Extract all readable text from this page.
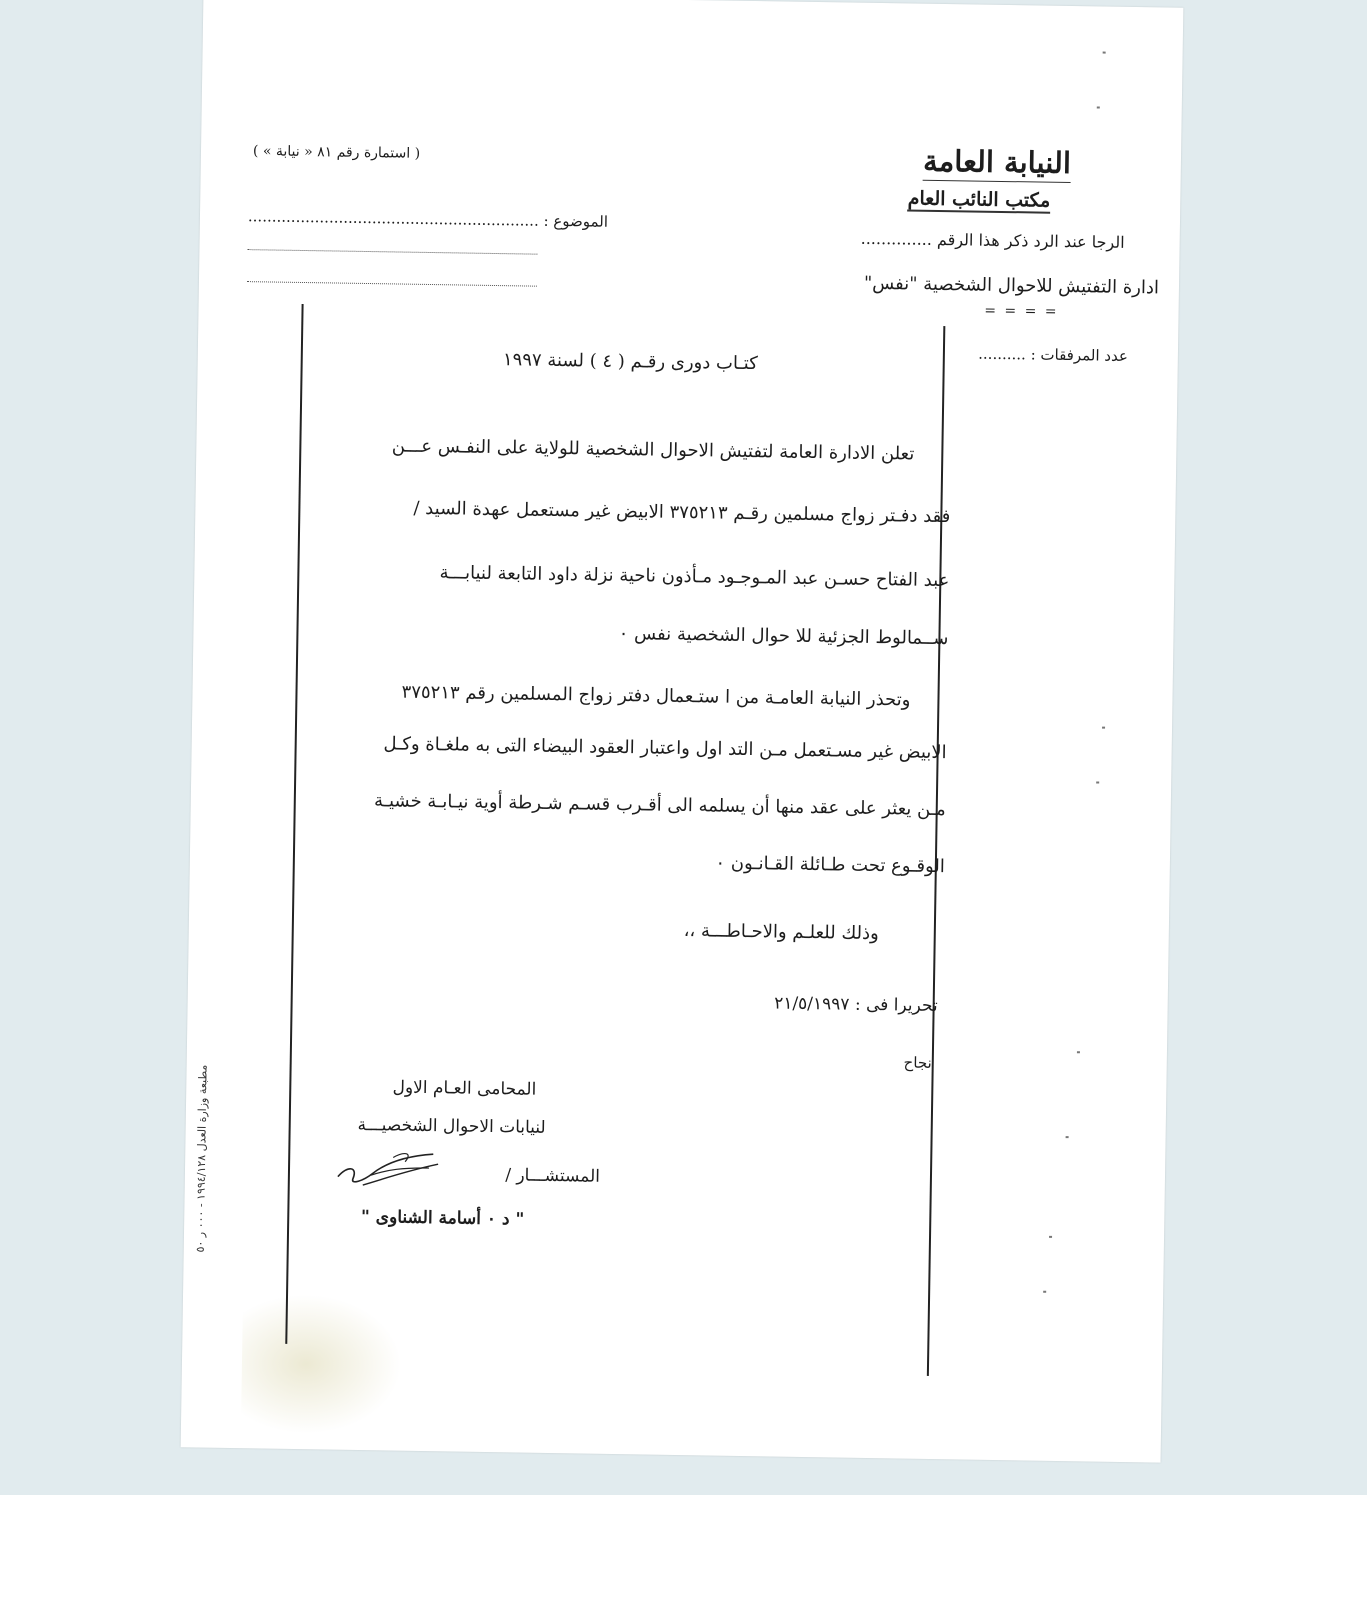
النيابة العامة
مكتب النائب العام
الرجا عند الرد ذكر هذا الرقم ..............
ادارة التفتيش للاحوال الشخصية "نفس"
= = = =
عدد المرفقات : ..........
( استمارة رقم ٨١ « نيابة » )
الموضوع : .............................................................
كتـاب دورى رقـم ( ٤ ) لسنة ١٩٩٧
تعلن الادارة العامة لتفتيش الاحوال الشخصية للولاية على النفـس عـــن
فقد دفـتر زواج مسلمين رقـم ٣٧٥٢١٣ الابيض غير مستعمل عهدة السيد /
عبد الفتاح حسـن عبد المـوجـود مـأذون ناحية نزلة داود التابعة لنيابـــة
ســمالوط الجزئية للا حوال الشخصية نفس ٠
وتحذر النيابة العامـة من ا ستـعمال دفتر زواج المسلمين رقم ٣٧٥٢١٣
الابيض غير مسـتعمل مـن التد اول واعتبار العقود البيضاء التى به ملغـاة وكـل
مـن يعثر على عقد منها أن يسلمه الى أقـرب قسـم شـرطة أوية نيـابـة خشيـة
الوقـوع تحت طـائلة القـانـون ٠
وذلك للعلـم والاحـاطـــة ،،
تحريرا فى : ٢١/٥/١٩٩٧
نجاح
المحامى العـام الاول
لنيابات الاحوال الشخصيـــة
المستشـــار /
" د ٠ أسامة الشناوى "
مطبعة وزارة العدل ١٩٩٤/١٢٨ - ٠٠٠ ر ٥٠
